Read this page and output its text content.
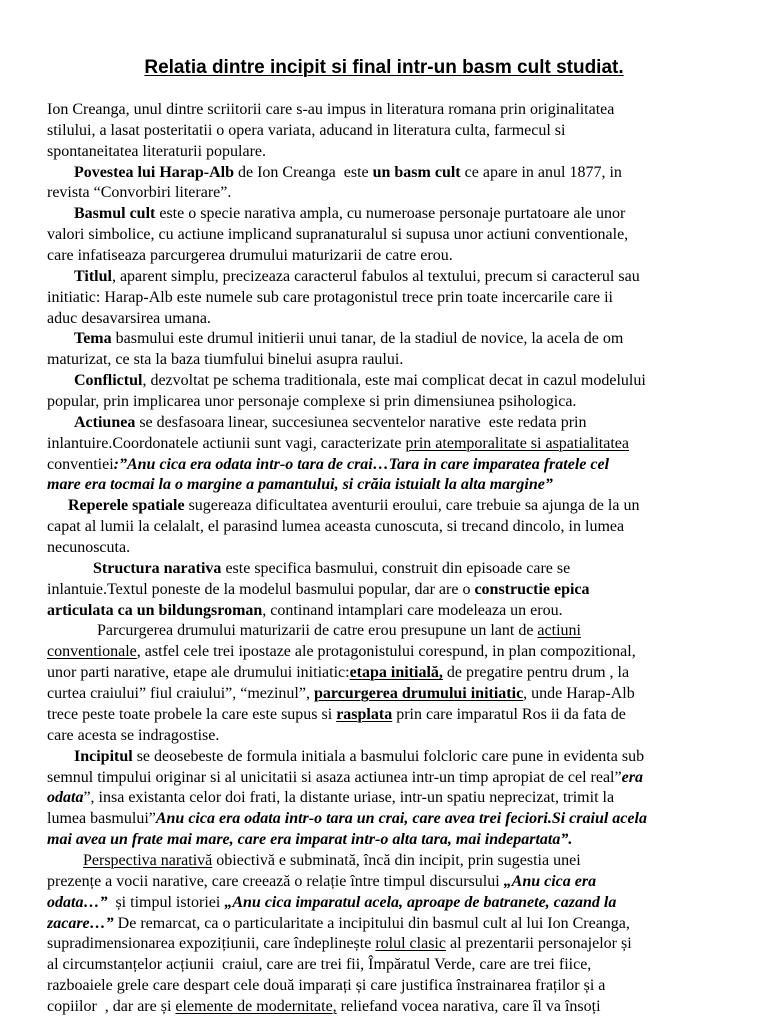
Relatia dintre incipit si final intr-un basm cult studiat.
Ion Creanga, unul dintre scriitorii care s-au impus in literatura romana prin originalitatea
stilului, a lasat posteritatii o opera variata, aducand in literatura culta, farmecul si
spontaneitatea literaturii populare.
Povestea lui Harap-Alb de Ion Creanga  este un basm cult ce apare in anul 1877, in
revista “Convorbiri literare”.
Basmul cult este o specie narativa ampla, cu numeroase personaje purtatoare ale unor
valori simbolice, cu actiune implicand supranaturalul si supusa unor actiuni conventionale,
care infatiseaza parcurgerea drumului maturizarii de catre erou.
Titlul, aparent simplu, precizeaza caracterul fabulos al textului, precum si caracterul sau
initiatic: Harap-Alb este numele sub care protagonistul trece prin toate incercarile care ii
aduc desavarsirea umana.
Tema basmului este drumul initierii unui tanar, de la stadiul de novice, la acela de om
maturizat, ce sta la baza tiumfului binelui asupra raului.
Conflictul, dezvoltat pe schema traditionala, este mai complicat decat in cazul modelului
popular, prin implicarea unor personaje complexe si prin dimensiunea psihologica.
Actiunea se desfasoara linear, succesiunea secventelor narative  este redata prin
inlantuire.Coordonatele actiunii sunt vagi, caracterizate prin atemporalitate si aspatialitatea
conventiei:”Anu cica era odata intr-o tara de crai…Tara in care imparatea fratele cel
mare era tocmai la o margine a pamantului, si crăia istuialt la alta margine”
Reperele spatiale sugereaza dificultatea aventurii eroului, care trebuie sa ajunga de la un
capat al lumii la celalalt, el parasind lumea aceasta cunoscuta, si trecand dincolo, in lumea
necunoscuta.
Structura narativa este specifica basmului, construit din episoade care se
inlantuie.Textul poneste de la modelul basmului popular, dar are o constructie epica
articulata ca un bildungsroman, continand intamplari care modeleaza un erou.
Parcurgerea drumului maturizarii de catre erou presupune un lant de actiuni
conventionale, astfel cele trei ipostaze ale protagonistului corespund, in plan compozitional,
unor parti narative, etape ale drumului initiatic:etapa initială, de pregatire pentru drum , la
curtea craiului” fiul craiului”, “mezinul”, parcurgerea drumului initiatic, unde Harap-Alb
trece peste toate probele la care este supus si rasplata prin care imparatul Ros ii da fata de
care acesta se indragostise.
Incipitul se deosebeste de formula initiala a basmului folcloric care pune in evidenta sub
semnul timpului originar si al unicitatii si asaza actiunea intr-un timp apropiat de cel real”era
odata”, insa existanta celor doi frati, la distante uriase, intr-un spatiu neprecizat, trimit la
lumea basmului”Anu cica era odata intr-o tara un crai, care avea trei feciori.Si craiul acela
mai avea un frate mai mare, care era imparat intr-o alta tara, mai indepartata”.
Perspectiva narativă obiectivă e subminată, încă din incipit, prin sugestia unei
prezențe a vocii narative, care creează o relație între timpul discursului „Anu cica era
odata…”  și timpul istoriei „Anu cica imparatul acela, aproape de batranete, cazand la
zacare…” De remarcat, ca o particularitate a incipitului din basmul cult al lui Ion Creanga,
supradimensionarea expozițiunii, care îndeplinește rolul clasic al prezentarii personajelor și
al circumstanțelor acțiunii  craiul, care are trei fii, Împăratul Verde, care are trei fiice,
razboaiele grele care despart cele două imparați și care justifica înstrainarea fraților și a
copiilor  , dar are și elemente de modernitate, reliefand vocea narativa, care îl va însoți
